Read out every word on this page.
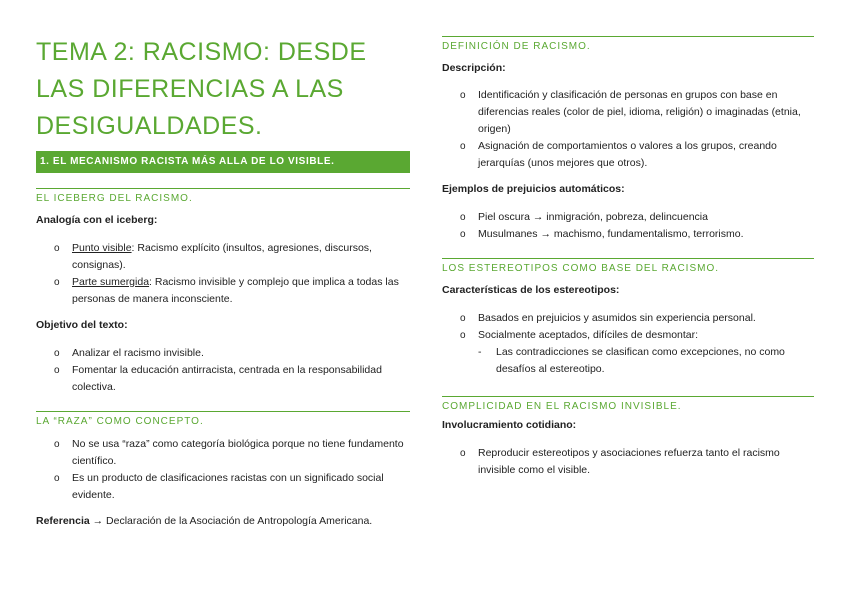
TEMA 2: RACISMO: DESDE LAS DIFERENCIAS A LAS DESIGUALDADES.
1. EL MECANISMO RACISTA MÁS ALLA DE LO VISIBLE.
EL ICEBERG DEL RACISMO.
Analogía con el iceberg:
o Punto visible: Racismo explícito (insultos, agresiones, discursos, consignas).
o Parte sumergida: Racismo invisible y complejo que implica a todas las personas de manera inconsciente.
Objetivo del texto:
o Analizar el racismo invisible.
o Fomentar la educación antirracista, centrada en la responsabilidad colectiva.
LA “RAZA” COMO CONCEPTO.
o No se usa “raza” como categoría biológica porque no tiene fundamento científico.
o Es un producto de clasificaciones racistas con un significado social evidente.
Referencia → Declaración de la Asociación de Antropología Americana.
DEFINICIÓN DE RACISMO.
Descripción:
o Identificación y clasificación de personas en grupos con base en diferencias reales (color de piel, idioma, religión) o imaginadas (etnia, origen)
o Asignación de comportamientos o valores a los grupos, creando jerarquías (unos mejores que otros).
Ejemplos de prejuicios automáticos:
o Piel oscura → inmigración, pobreza, delincuencia
o Musulmanes → machismo, fundamentalismo, terrorismo.
LOS ESTEREOTIPOS COMO BASE DEL RACISMO.
Características de los estereotipos:
o Basados en prejuicios y asumidos sin experiencia personal.
o Socialmente aceptados, difíciles de desmontar:
- Las contradicciones se clasifican como excepciones, no como desafíos al estereotipo.
COMPLICIDAD EN EL RACISMO INVISIBLE.
Involucramiento cotidiano:
o Reproducir estereotipos y asociaciones refuerza tanto el racismo invisible como el visible.
